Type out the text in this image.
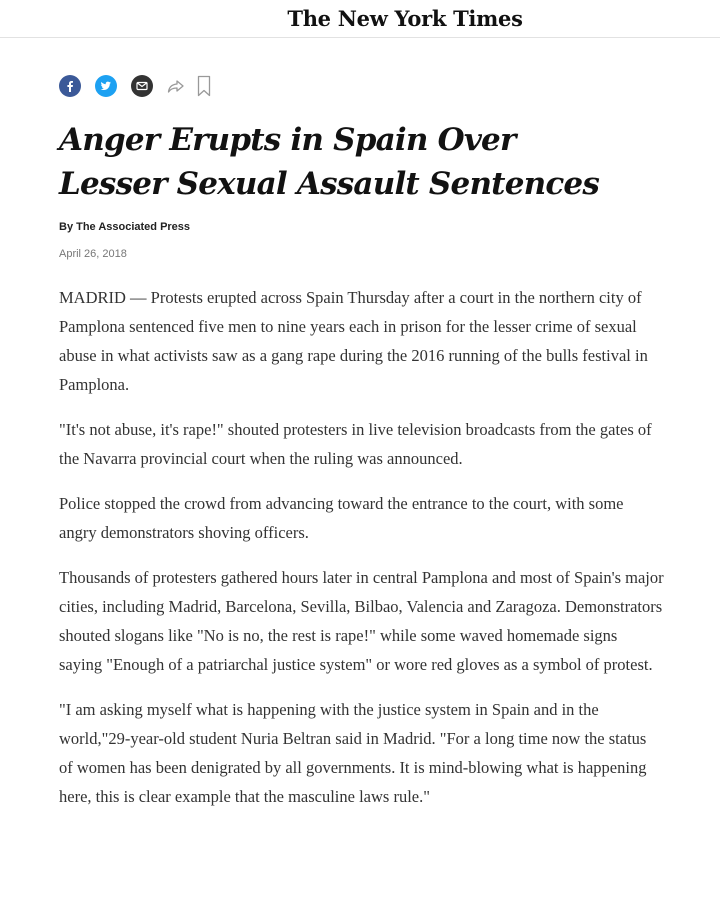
The New York Times
Anger Erupts in Spain Over
Lesser Sexual Assault Sentences
By The Associated Press
April 26, 2018

MADRID — Protests erupted across Spain Thursday after a court in the northern city of Pamplona sentenced five men to nine years each in prison for the lesser crime of sexual abuse in what activists saw as a gang rape during the 2016 running of the bulls festival in Pamplona.

"It's not abuse, it's rape!" shouted protesters in live television broadcasts from the gates of the Navarra provincial court when the ruling was announced.

Police stopped the crowd from advancing toward the entrance to the court, with some angry demonstrators shoving officers.

Thousands of protesters gathered hours later in central Pamplona and most of Spain's major cities, including Madrid, Barcelona, Sevilla, Bilbao, Valencia and Zaragoza. Demonstrators shouted slogans like "No is no, the rest is rape!" while some waved homemade signs saying "Enough of a patriarchal justice system" or wore red gloves as a symbol of protest.

"I am asking myself what is happening with the justice system in Spain and in the world,"29-year-old student Nuria Beltran said in Madrid. "For a long time now the status of women has been denigrated by all governments. It is mind-blowing what is happening here, this is clear example that the masculine laws rule."
